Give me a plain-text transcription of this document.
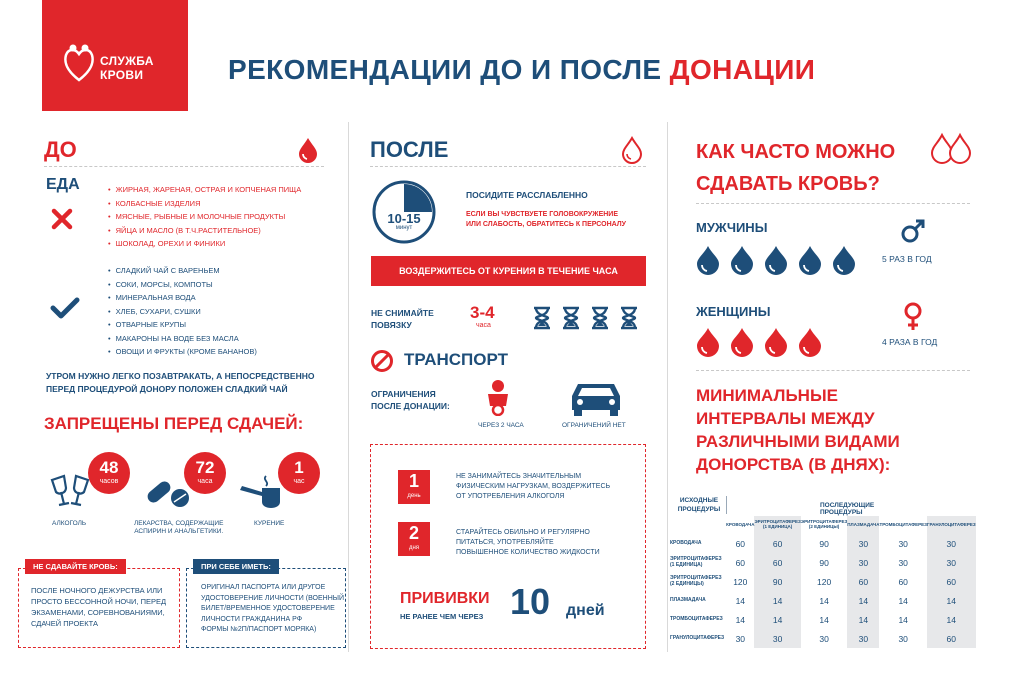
СЛУЖБА
КРОВИ	РЕКОМЕНДАЦИИ ДО И ПОСЛЕ ДОНАЦИИ
ДО
ЕДА	• ЖИРНАЯ, ЖАРЕНАЯ, ОСТРАЯ И КОПЧЕНАЯ ПИЩА
• КОЛБАСНЫЕ ИЗДЕЛИЯ
• МЯСНЫЕ, РЫБНЫЕ И МОЛОЧНЫЕ ПРОДУКТЫ
• ЯЙЦА И МАСЛО (В Т.Ч.РАСТИТЕЛЬНОЕ)
• ШОКОЛАД, ОРЕХИ И ФИНИКИ
• СЛАДКИЙ ЧАЙ С ВАРЕНЬЕМ
• СОКИ, МОРСЫ, КОМПОТЫ
• МИНЕРАЛЬНАЯ ВОДА
• ХЛЕБ, СУХАРИ, СУШКИ
• ОТВАРНЫЕ КРУПЫ
• МАКАРОНЫ НА ВОДЕ БЕЗ МАСЛА
• ОВОЩИ И ФРУКТЫ (КРОМЕ БАНАНОВ)
УТРОМ НУЖНО ЛЕГКО ПОЗАВТРАКАТЬ, А НЕПОСРЕДСТВЕННО
ПЕРЕД ПРОЦЕДУРОЙ ДОНОРУ ПОЛОЖЕН СЛАДКИЙ ЧАЙ
ЗАПРЕЩЕНЫ ПЕРЕД СДАЧЕЙ:
48
часов
АЛКОГОЛЬ
72
часа
ЛЕКАРСТВА, СОДЕРЖАЩИЕ
АСПИРИН И АНАЛЬГЕТИКИ.
1
час
КУРЕНИЕ
НЕ СДАВАЙТЕ КРОВЬ:
ПОСЛЕ НОЧНОГО ДЕЖУРСТВА ИЛИ
ПРОСТО БЕССОННОЙ НОЧИ, ПЕРЕД
ЭКЗАМЕНАМИ, СОРЕВНОВАНИЯМИ,
СДАЧЕЙ ПРОЕКТА
ПРИ СЕБЕ ИМЕТЬ:
ОРИГИНАЛ ПАСПОРТА ИЛИ ДРУГОЕ
УДОСТОВЕРЕНИЕ ЛИЧНОСТИ (ВОЕННЫЙ
БИЛЕТ/ВРЕМЕННОЕ УДОСТОВЕРЕНИЕ
ЛИЧНОСТИ ГРАЖДАНИНА РФ
ФОРМЫ №2П/ПАСПОРТ МОРЯКА)
ПОСЛЕ
10-15
минут
ПОСИДИТЕ РАССЛАБЛЕННО
ЕСЛИ ВЫ ЧУВСТВУЕТЕ ГОЛОВОКРУЖЕНИЕ
ИЛИ СЛАБОСТЬ, ОБРАТИТЕСЬ К ПЕРСОНАЛУ
ВОЗДЕРЖИТЕСЬ ОТ КУРЕНИЯ В ТЕЧЕНИЕ ЧАСА
НЕ СНИМАЙТЕ
ПОВЯЗКУ
3-4
часа
ТРАНСПОРТ
ОГРАНИЧЕНИЯ
ПОСЛЕ ДОНАЦИИ:
ЧЕРЕЗ 2 ЧАСА	ОГРАНИЧЕНИЙ НЕТ
1
день
НЕ ЗАНИМАЙТЕСЬ ЗНАЧИТЕЛЬНЫМ
ФИЗИЧЕСКИМ НАГРУЗКАМ, ВОЗДЕРЖИТЕСЬ
ОТ УПОТРЕБЛЕНИЯ АЛКОГОЛЯ
2
дня
СТАРАЙТЕСЬ ОБИЛЬНО И РЕГУЛЯРНО
ПИТАТЬСЯ, УПОТРЕБЛЯЙТЕ
ПОВЫШЕННОЕ КОЛИЧЕСТВО ЖИДКОСТИ
ПРИВИВКИ
НЕ РАНЕЕ ЧЕМ ЧЕРЕЗ 10 дней
КАК ЧАСТО МОЖНО
СДАВАТЬ КРОВЬ?
МУЖЧИНЫ
5 РАЗ В ГОД
ЖЕНЩИНЫ
4 РАЗА В ГОД
МИНИМАЛЬНЫЕ
ИНТЕРВАЛЫ МЕЖДУ
РАЗЛИЧНЫМИ ВИДАМИ
ДОНОРСТВА (В ДНЯХ):
ИСХОДНЫЕ
ПРОЦЕДУРЫ
ПОСЛЕДУЮЩИЕ ПРОЦЕДУРЫ
	КРОВОДАЧА	ЭРИТРОЦИТАФЕРЕЗ (1 ЕДИНИЦА)	ЭРИТРОЦИТАФЕРЕЗ (2 ЕДИНИЦЫ)	ПЛАЗМАДАЧА	ТРОМБОЦИТАФЕРЕЗ	ГРАНУЛОЦИТАФЕРЕЗ
КРОВОДАЧА	60	60	90	30	30	30
ЭРИТРОЦИТАФЕРЕЗ (1 ЕДИНИЦА)	60	60	90	30	30	30
ЭРИТРОЦИТАФЕРЕЗ (2 ЕДИНИЦЫ)	120	90	120	60	60	60
ПЛАЗМАДАЧА	14	14	14	14	14	14
ТРОМБОЦИТАФЕРЕЗ	14	14	14	14	14	14
ГРАНУЛОЦИТАФЕРЕЗ	30	30	30	30	30	60
